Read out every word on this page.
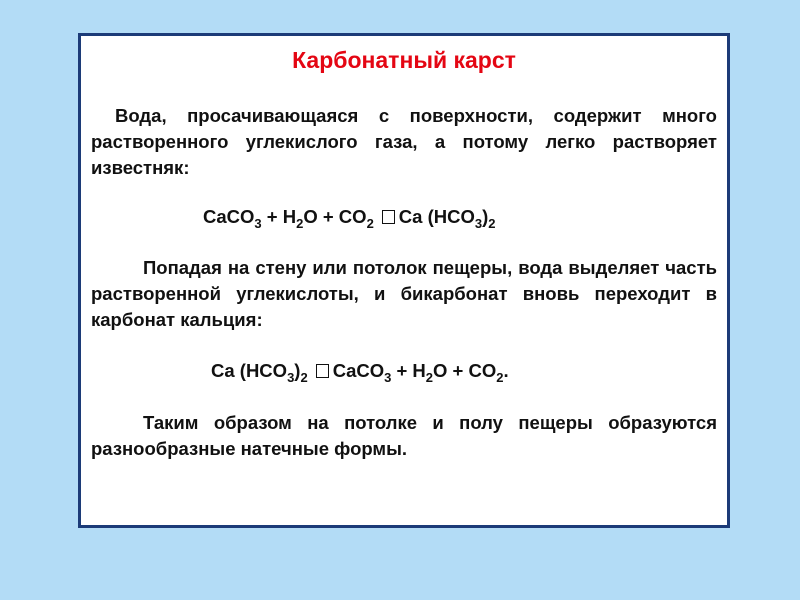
Карбонатный карст

Вода, просачивающаяся с поверхности, содержит много растворенного углекислого газа, а потому легко растворяет известняк:

CaCO$_3$ + $H_2O + CO_2$ Ca $(HCO_3)_2$

Попадая на стену или потолок пещеры, вода выделяет часть растворенной углекислоты, и бикарбонат вновь переходит в карбонат кальция:

Ca $(HCO_3)_2$ CaCO$_3$ + $H_2O + CO_2$.

Таким образом на потолке и полу пещеры образуются разнообразные натечные формы.
